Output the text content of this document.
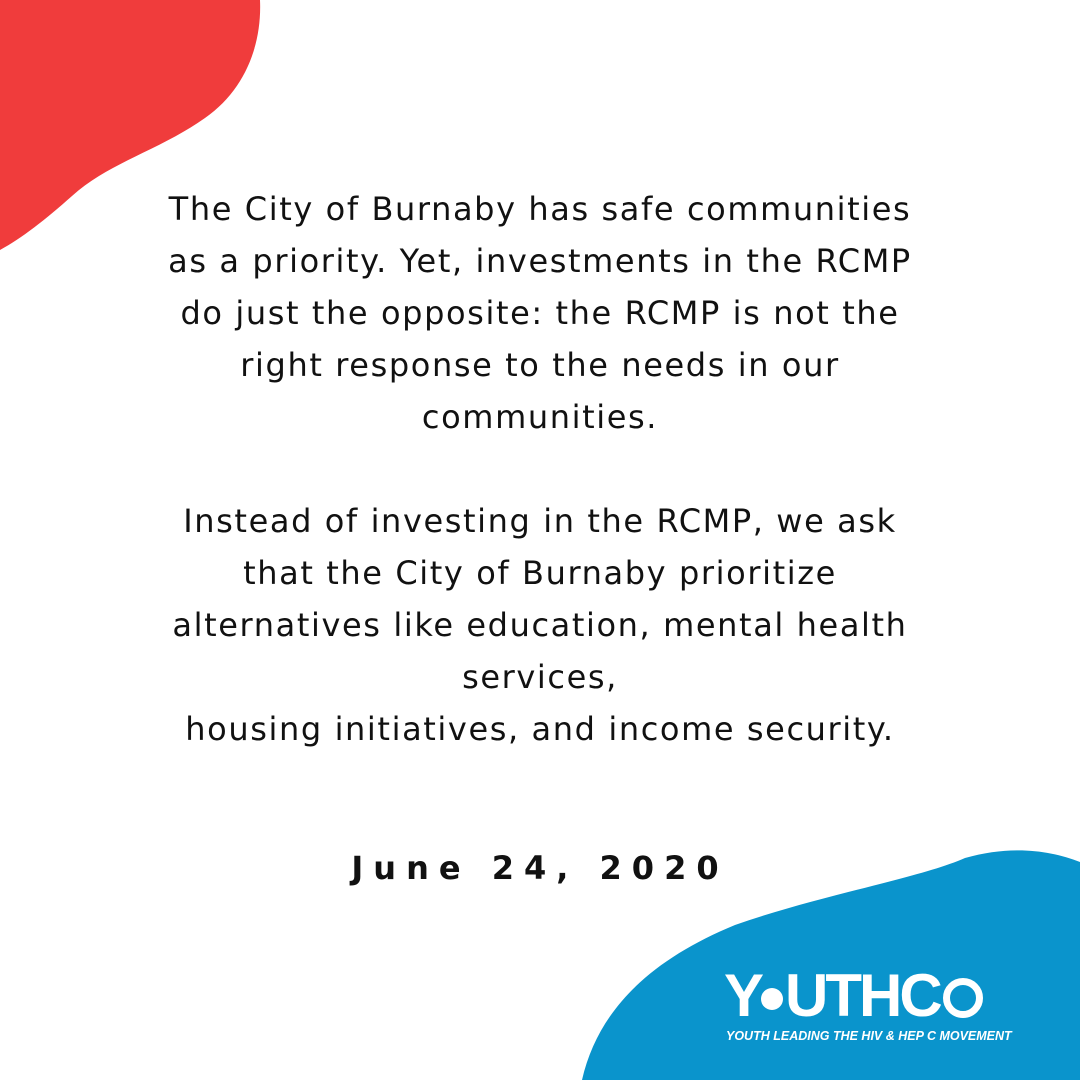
The City of Burnaby has safe communities
as a priority. Yet, investments in the RCMP
do just the opposite: the RCMP is not the
right response to the needs in our
communities.
Instead of investing in the RCMP, we ask
that the City of Burnaby prioritize
alternatives like education, mental health
services,
housing initiatives, and income security.
June 24, 2020
Y UTHC
YOUTH LEADING THE HIV & HEP C MOVEMENT
